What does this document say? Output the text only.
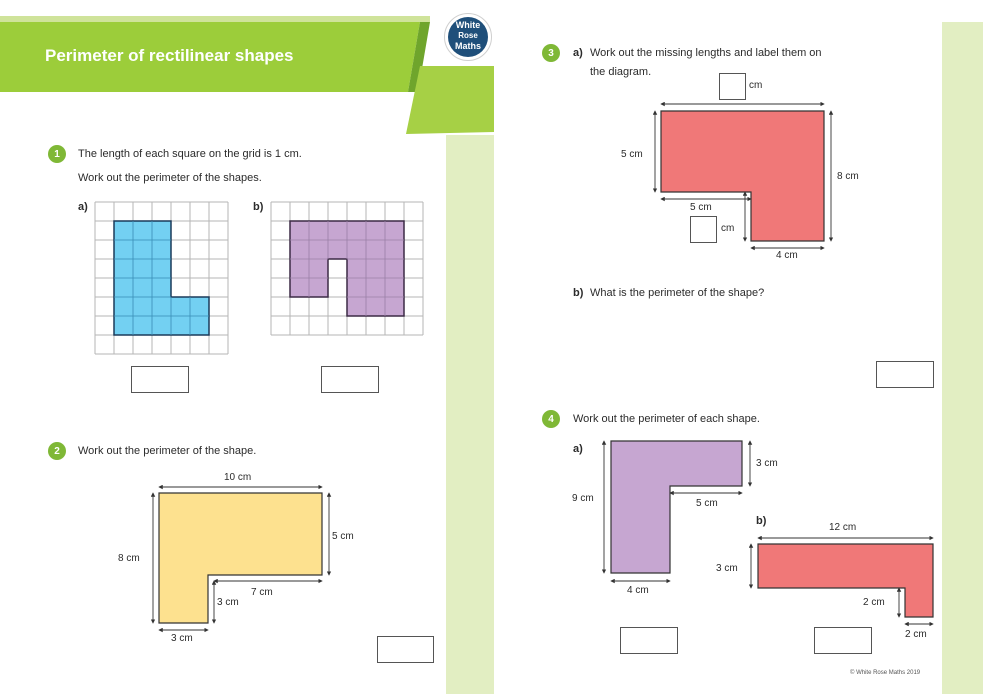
Perimeter of rectilinear shapes
White
Rose
Maths
1	The length of each square on the grid is 1 cm.
Work out the perimeter of the shapes.
a)	b)
2	Work out the perimeter of the shape.
10 cm
5 cm
8 cm
7 cm
3 cm
3 cm
3	a) Work out the missing lengths and label them on
the diagram.
cm
5 cm
8 cm
5 cm
cm
4 cm
b) What is the perimeter of the shape?
4	Work out the perimeter of each shape.
a)
3 cm
9 cm	5 cm
4 cm
b)
12 cm
3 cm
2 cm
2 cm
© White Rose Maths 2019
